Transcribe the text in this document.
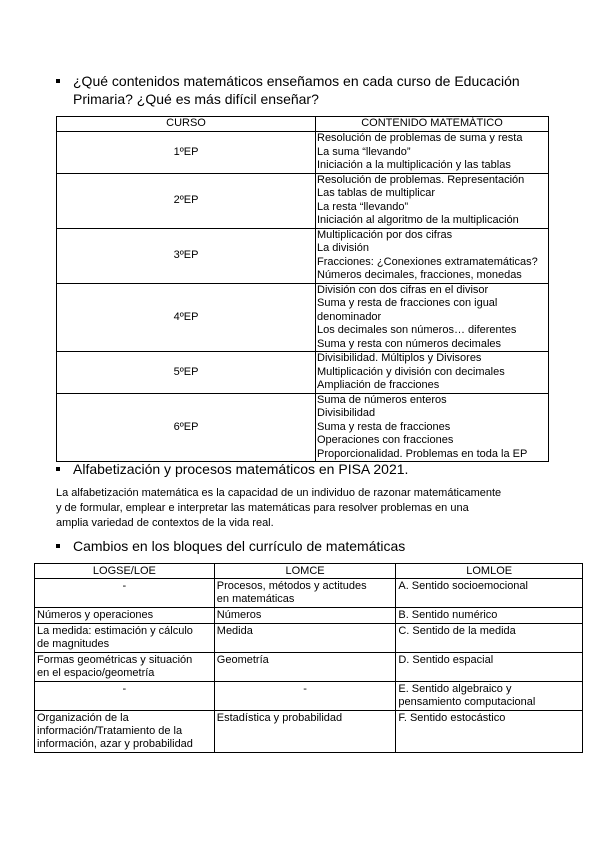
¿Qué contenidos matemáticos enseñamos en cada curso de Educación
Primaria? ¿Qué es más difícil enseñar?
CURSO	CONTENIDO MATEMÁTICO
1ºEP	Resolución de problemas de suma y resta
La suma “llevando”
Iniciación a la multiplicación y las tablas

2ºEP	Resolución de problemas. Representación
Las tablas de multiplicar
La resta “llevando”
Iniciación al algoritmo de la multiplicación

3ºEP	Multiplicación por dos cifras
La división
Fracciones: ¿Conexiones extramatemáticas?
Números decimales, fracciones, monedas

4ºEP	División con dos cifras en el divisor
Suma y resta de fracciones con igual
denominador
Los decimales son números… diferentes
Suma y resta con números decimales

5ºEP	Divisibilidad. Múltiplos y Divisores
Multiplicación y división con decimales
Ampliación de fracciones

6ºEP	Suma de números enteros
Divisibilidad
Suma y resta de fracciones
Operaciones con fracciones
Proporcionalidad. Problemas en toda la EP
Alfabetización y procesos matemáticos en PISA 2021.
La alfabetización matemática es la capacidad de un individuo de razonar matemáticamente
y de formular, emplear e interpretar las matemáticas para resolver problemas en una
amplia variedad de contextos de la vida real.
Cambios en los bloques del currículo de matemáticas
LOGSE/LOE	LOMCE	LOMLOE

-	Procesos, métodos y actitudes
en matemáticas	A. Sentido socioemocional

Números y operaciones	Números	B. Sentido numérico

La medida: estimación y cálculo
de magnitudes	Medida	C. Sentido de la medida

Formas geométricas y situación
en el espacio/geometría	Geometría	D. Sentido espacial

-	-	E. Sentido algebraico y
pensamiento computacional

Organización de la
información/Tratamiento de la
información, azar y probabilidad	Estadística y probabilidad	F. Sentido estocástico
